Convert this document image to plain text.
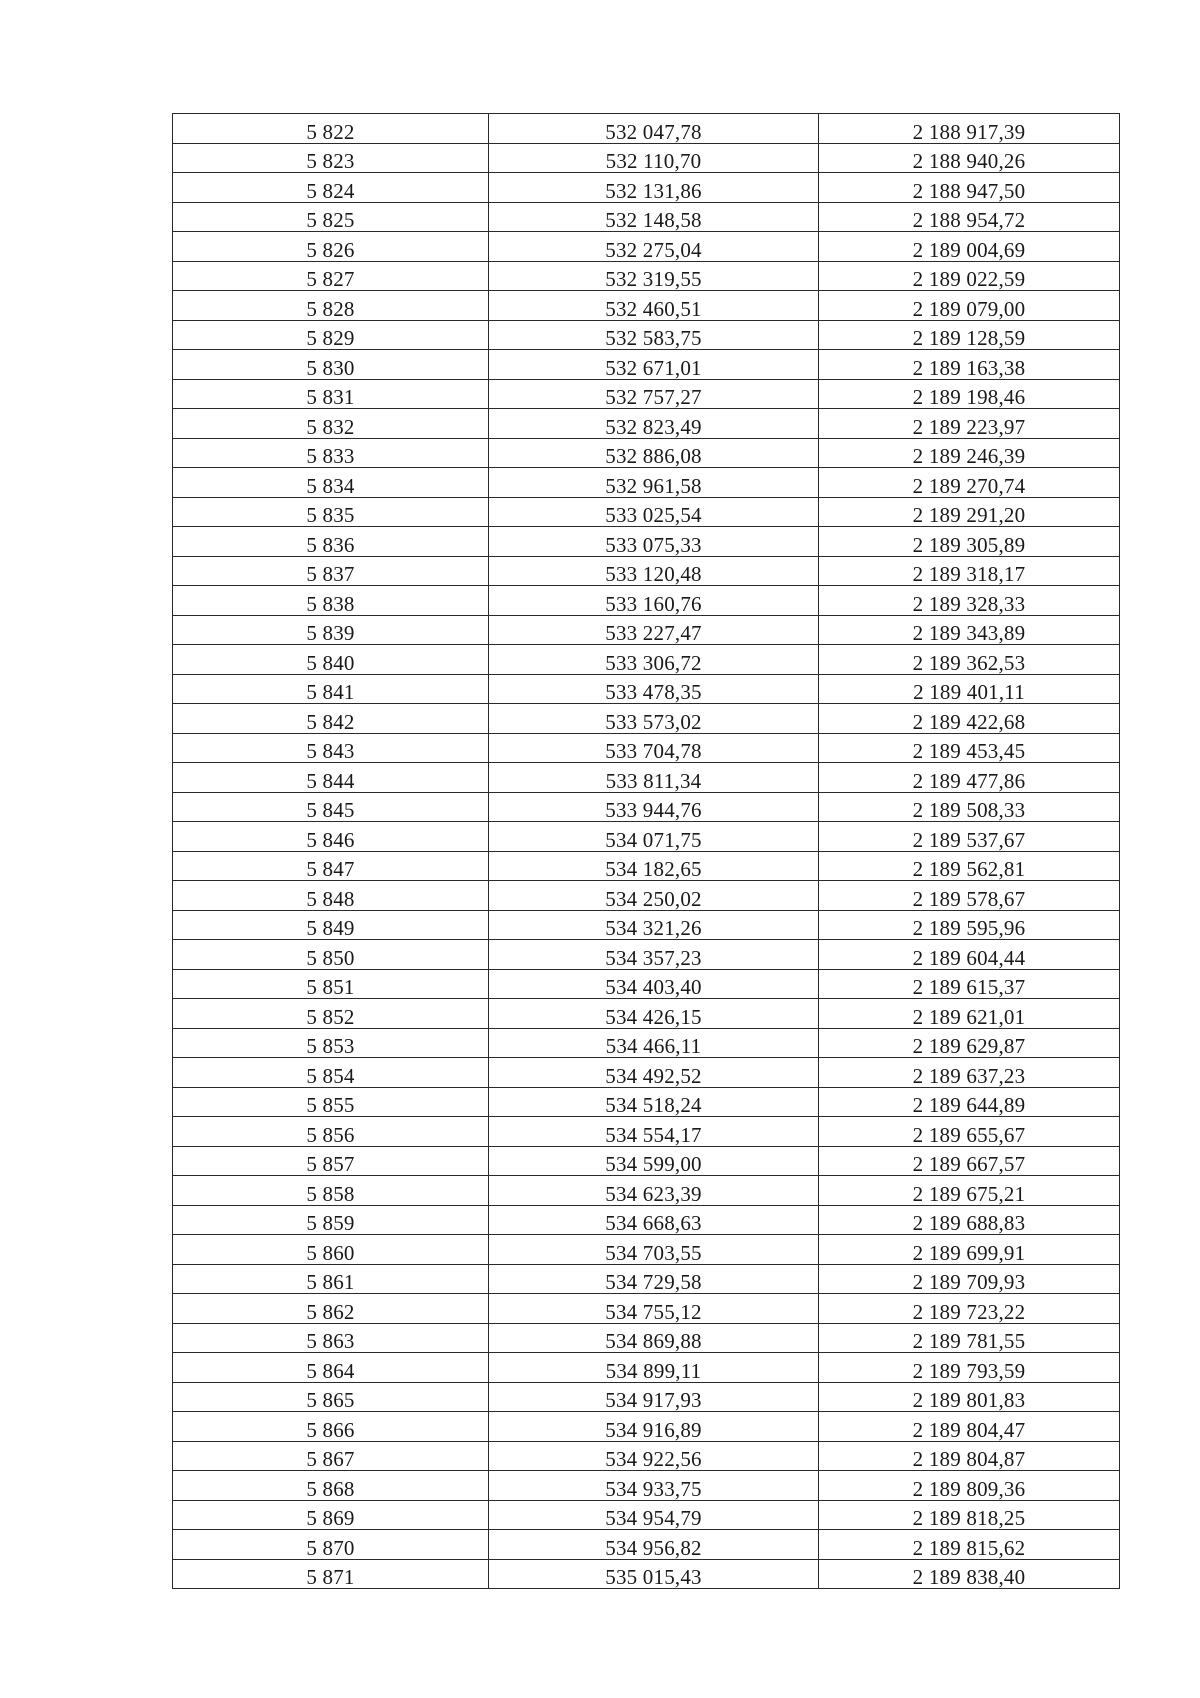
5 822	532 047,78	2 188 917,39
5 823	532 110,70	2 188 940,26
5 824	532 131,86	2 188 947,50
5 825	532 148,58	2 188 954,72
5 826	532 275,04	2 189 004,69
5 827	532 319,55	2 189 022,59
5 828	532 460,51	2 189 079,00
5 829	532 583,75	2 189 128,59
5 830	532 671,01	2 189 163,38
5 831	532 757,27	2 189 198,46
5 832	532 823,49	2 189 223,97
5 833	532 886,08	2 189 246,39
5 834	532 961,58	2 189 270,74
5 835	533 025,54	2 189 291,20
5 836	533 075,33	2 189 305,89
5 837	533 120,48	2 189 318,17
5 838	533 160,76	2 189 328,33
5 839	533 227,47	2 189 343,89
5 840	533 306,72	2 189 362,53
5 841	533 478,35	2 189 401,11
5 842	533 573,02	2 189 422,68
5 843	533 704,78	2 189 453,45
5 844	533 811,34	2 189 477,86
5 845	533 944,76	2 189 508,33
5 846	534 071,75	2 189 537,67
5 847	534 182,65	2 189 562,81
5 848	534 250,02	2 189 578,67
5 849	534 321,26	2 189 595,96
5 850	534 357,23	2 189 604,44
5 851	534 403,40	2 189 615,37
5 852	534 426,15	2 189 621,01
5 853	534 466,11	2 189 629,87
5 854	534 492,52	2 189 637,23
5 855	534 518,24	2 189 644,89
5 856	534 554,17	2 189 655,67
5 857	534 599,00	2 189 667,57
5 858	534 623,39	2 189 675,21
5 859	534 668,63	2 189 688,83
5 860	534 703,55	2 189 699,91
5 861	534 729,58	2 189 709,93
5 862	534 755,12	2 189 723,22
5 863	534 869,88	2 189 781,55
5 864	534 899,11	2 189 793,59
5 865	534 917,93	2 189 801,83
5 866	534 916,89	2 189 804,47
5 867	534 922,56	2 189 804,87
5 868	534 933,75	2 189 809,36
5 869	534 954,79	2 189 818,25
5 870	534 956,82	2 189 815,62
5 871	535 015,43	2 189 838,40
